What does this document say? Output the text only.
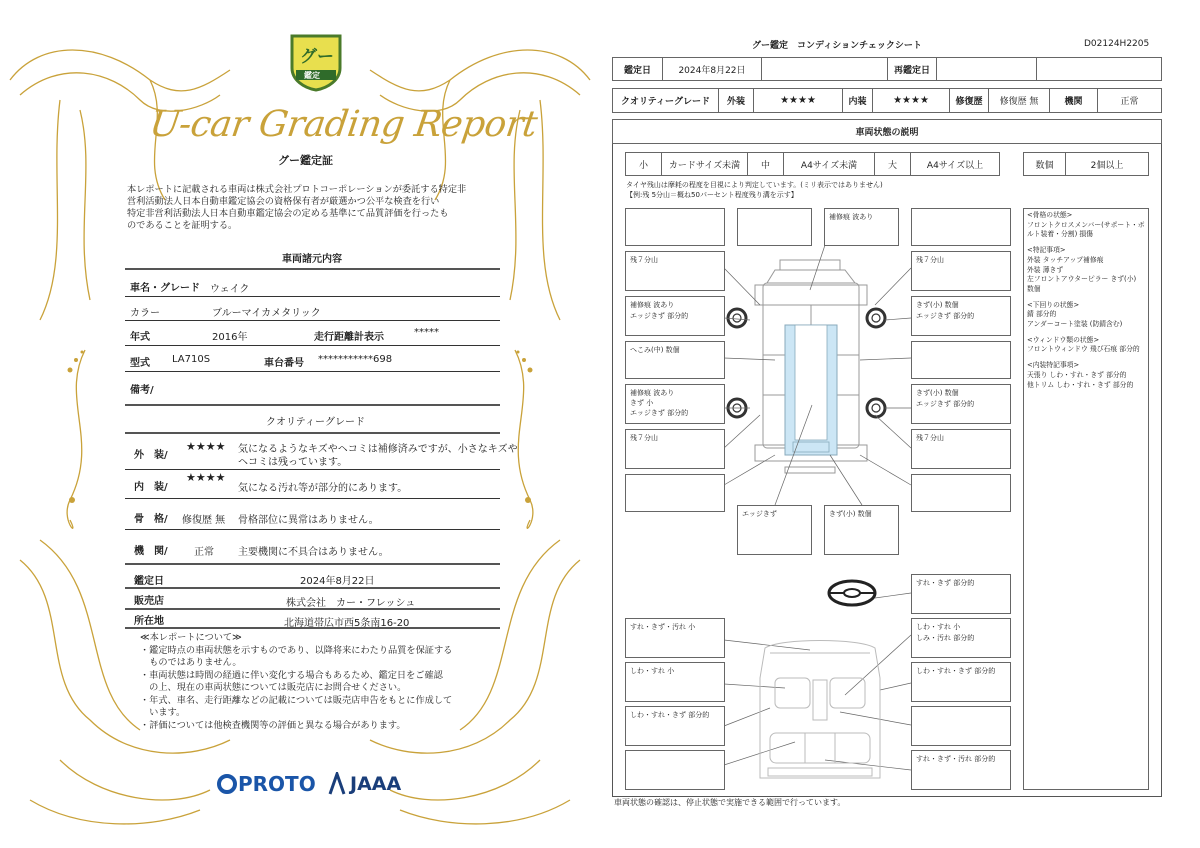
グー
鑑定
U-car Grading Report
グー鑑定証
本レポートに記載される車両は株式会社プロトコーポレーションが委託する特定非
営利活動法人日本自動車鑑定協会の資格保有者が厳選かつ公平な検査を行い
特定非営利活動法人日本自動車鑑定協会の定める基準にて品質評価を行ったも
のであることを証明する。
車両諸元内容
車名・グレード ウェイク
カラー	ブルーマイカメタリック
年式	2016年	走行距離計表示	*****
型式 LA710S	車台番号 ***********698
備考/
クオリティーグレード
外　装/
★★★★ 気になるようなキズやヘコミは補修済みですが、小さなキズや
ヘコミは残っています。
内　装/
★★★★
気になる汚れ等が部分的にあります。
骨　格/ 修復歴 無 骨格部位に異常はありません。
機　関/	正常 主要機関に不具合はありません。
鑑定日	2024年8月22日
販売店	株式会社　カー・フレッシュ
所在地	北海道帯広市西5条南16-20
≪本レポートについて≫
・鑑定時点の車両状態を示すものであり、以降将来にわたり品質を保証する
　ものではありません。
・車両状態は時間の経過に伴い変化する場合もあるため、鑑定日をご確認
　の上、現在の車両状態については販売店にお問合せください。
・年式、車名、走行距離などの記載については販売店申告をもとに作成して
　います。
・評価については他検査機関等の評価と異なる場合があります。
PROTO JAAA
グー鑑定　コンディションチェックシート	D02124H2205
鑑定日	2024年8月22日	再鑑定日
クオリティーグレード	外装	★★★★	内装	★★★★	修復歴	修復歴 無	機関	正常
車両状態の説明
小	カードサイズ未満	中	A4サイズ未満	大	A4サイズ以上	数個	2個以上
タイヤ残山は摩耗の程度を目視により判定しています。(ミリ表示ではありません)
【例:残 5分山＝概ね50パーセント程度残り溝を示す】
補修痕 波あり
残７分山
補修痕 波あり
エッジきず 部分的
へこみ(中) 数個
補修痕 波あり
きず 小
エッジきず 部分的
残７分山
残７分山
きず(小) 数個
エッジきず 部分的
きず(小) 数個
エッジきず 部分的
残７分山
エッジきず	きず(小) 数個
<骨格の状態>
フロントクロスメンバー(サポート・ボ
ルト装着・分割) 損傷
<特記事項>
外装 タッチアップ補修痕
外装 薄きず
左フロントアウターピラー きず(小)
数個
<下回りの状態>
錆 部分的
アンダーコート塗装 (防錆含む)
<ウィンドウ類の状態>
フロントウィンドウ 飛び石痕 部分的
<内装特記事項>
天張り しわ・すれ・きず 部分的
他トリム しわ・すれ・きず 部分的
すれ・きず 部分的
すれ・きず・汚れ 小
しわ・すれ 小
しわ・すれ・きず 部分的
しわ・すれ 小
しみ・汚れ 部分的
しわ・すれ・きず 部分的
すれ・きず・汚れ 部分的
車両状態の確認は、停止状態で実施できる範囲で行っています。
